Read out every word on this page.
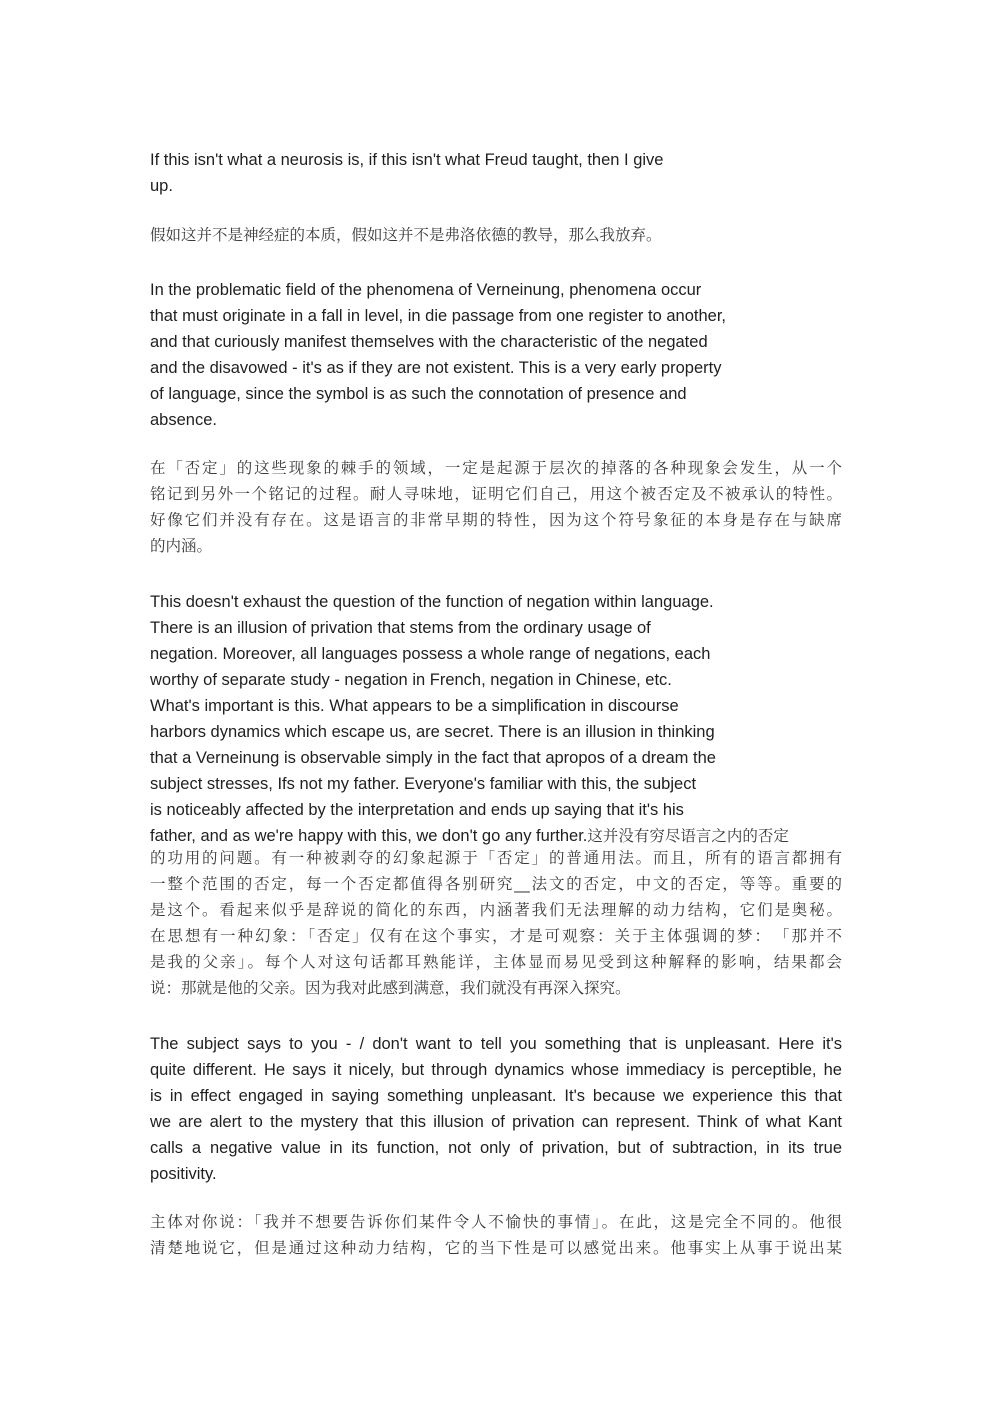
If this isn't what a neurosis is, if this isn't what Freud taught, then I give
up.
假如这并不是神经症的本质，假如这并不是弗洛依德的教导，那么我放弃。
In the problematic field of the phenomena of Verneinung, phenomena occur
that must originate in a fall in level, in die passage from one register to another,
and that curiously manifest themselves with the characteristic of the negated
and the disavowed - it's as if they are not existent. This is a very early property
of language, since the symbol is as such the connotation of presence and
absence.
在「否定」的这些现象的棘手的领域，一定是起源于层次的掉落的各种现象会发生，从一个
铭记到另外一个铭记的过程。耐人寻味地，证明它们自己，用这个被否定及不被承认的特性。
好像它们并没有存在。这是语言的非常早期的特性，因为这个符号象征的本身是存在与缺席
的内涵。
This doesn't exhaust the question of the function of negation within language.
There is an illusion of privation that stems from the ordinary usage of
negation. Moreover, all languages possess a whole range of negations, each
worthy of separate study - negation in French, negation in Chinese, etc.
What's important is this. What appears to be a simplification in discourse
harbors dynamics which escape us, are secret. There is an illusion in thinking
that a Verneinung is observable simply in the fact that apropos of a dream the
subject stresses, Ifs not my father. Everyone's familiar with this, the subject
is noticeably affected by the interpretation and ends up saying that it's his
father, and as we're happy with this, we don't go any further.这并没有穷尽语言之内的否定
的功用的问题。有一种被剥夺的幻象起源于「否定」的普通用法。而且，所有的语言都拥有
一整个范围的否定，每一个否定都值得各别研究__法文的否定，中文的否定，等等。重要的
是这个。看起来似乎是辞说的简化的东西，内涵著我们无法理解的动力结构，它们是奥秘。
在思想有一种幻象：「否定」仅有在这个事实，才是可观察：关于主体强调的梦：　「那并不
是我的父亲」。每个人对这句话都耳熟能详，主体显而易见受到这种解释的影响，结果都会
说：那就是他的父亲。因为我对此感到满意，我们就没有再深入探究。
The subject says to you - / don't want to tell you something that is unpleasant. Here it's
quite different. He says it nicely, but through dynamics whose immediacy is perceptible, he
is in effect engaged in saying something unpleasant. It's because we experience this that
we are alert to the mystery that this illusion of privation can represent. Think of what Kant
calls a negative value in its function, not only of privation, but of subtraction, in its true
positivity.
主体对你说：「我并不想要告诉你们某件令人不愉快的事情」。在此，这是完全不同的。他很
清楚地说它，但是通过这种动力结构，它的当下性是可以感觉出来。他事实上从事于说出某
